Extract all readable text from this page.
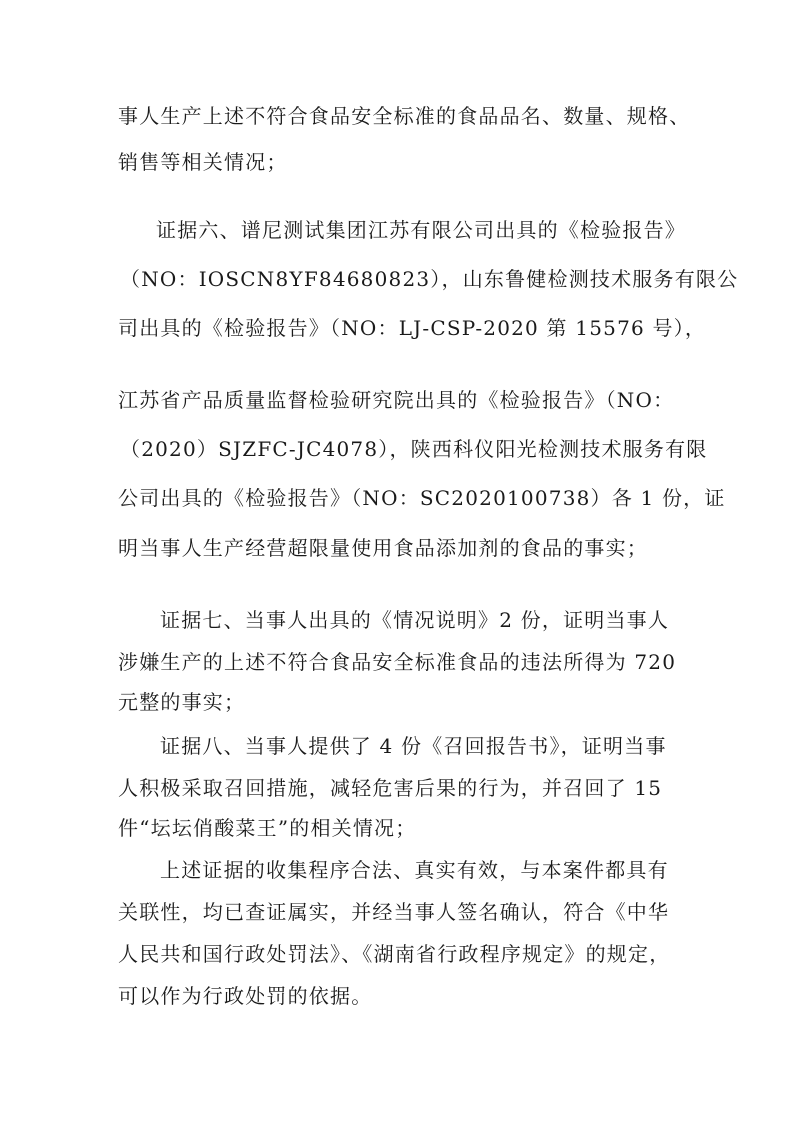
事人生产上述不符合食品安全标准的食品品名、数量、规格、
销售等相关情况；
证据六、谱尼测试集团江苏有限公司出具的《检验报告》
（NO：IOSCN8YF84680823），山东鲁健检测技术服务有限公
司出具的《检验报告》（NO：LJ-CSP-2020 第 15576 号），
江苏省产品质量监督检验研究院出具的《检验报告》（NO：
（2020）SJZFC-JC4078），陕西科仪阳光检测技术服务有限
公司出具的《检验报告》（NO：SC2020100738）各 1 份，证
明当事人生产经营超限量使用食品添加剂的食品的事实；
证据七、当事人出具的《情况说明》2 份，证明当事人
涉嫌生产的上述不符合食品安全标准食品的违法所得为 720
元整的事实；
证据八、当事人提供了 4 份《召回报告书》，证明当事
人积极采取召回措施，减轻危害后果的行为，并召回了 15
件“坛坛俏酸菜王”的相关情况；
上述证据的收集程序合法、真实有效，与本案件都具有
关联性，均已查证属实，并经当事人签名确认，符合《中华
人民共和国行政处罚法》、《湖南省行政程序规定》的规定，
可以作为行政处罚的依据。
